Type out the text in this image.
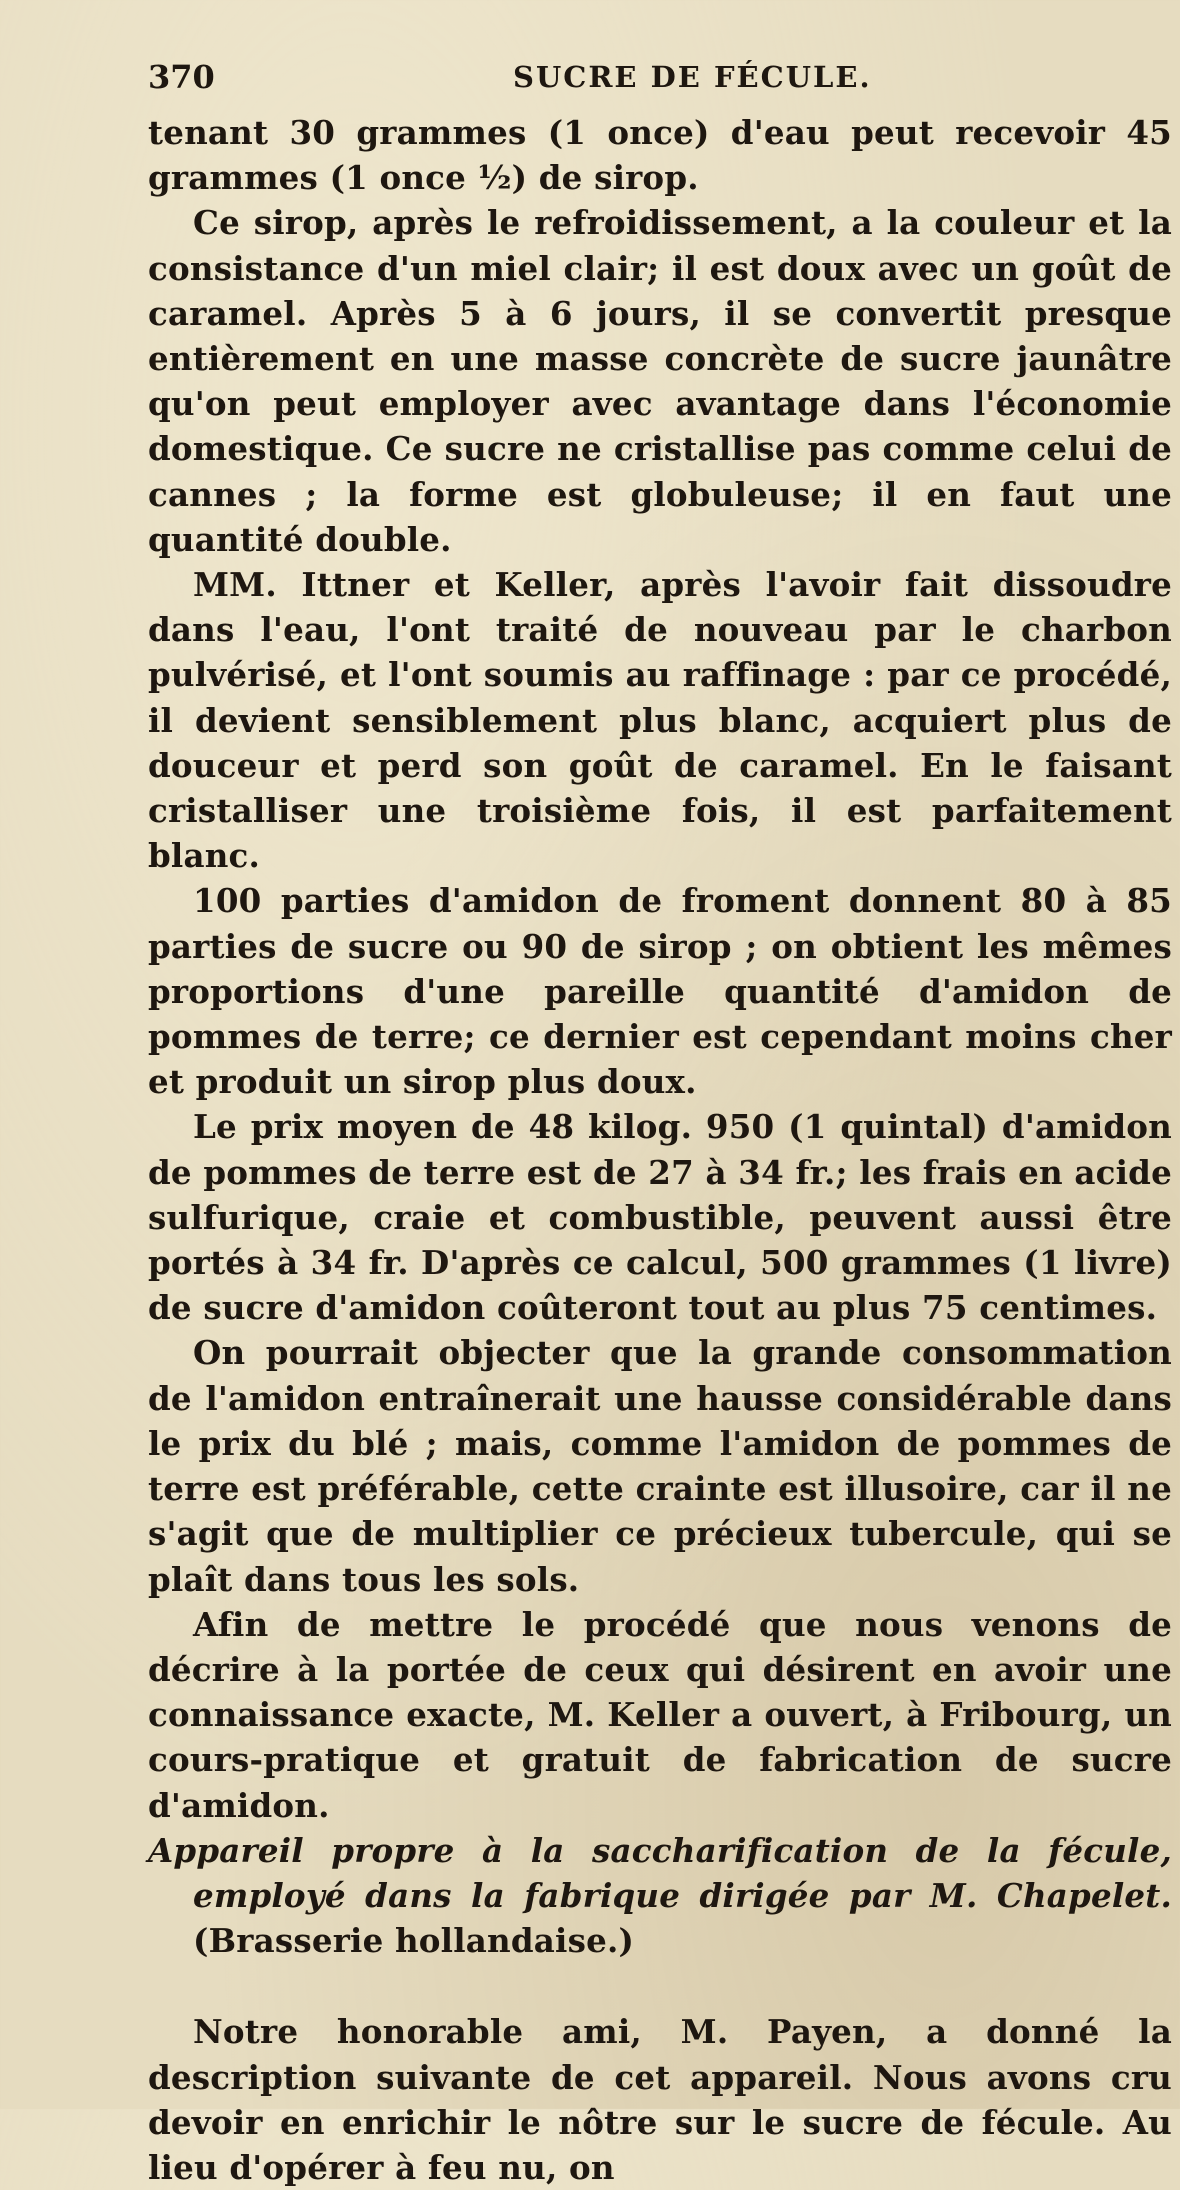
370	SUCRE DE FÉCULE.

tenant 30 grammes (1 once) d'eau peut recevoir 45 grammes (1 once ½) de sirop.

Ce sirop, après le refroidissement, a la couleur et la consistance d'un miel clair; il est doux avec un goût de caramel. Après 5 à 6 jours, il se convertit presque entièrement en une masse concrète de sucre jaunâtre qu'on peut employer avec avantage dans l'économie domestique. Ce sucre ne cristallise pas comme celui de cannes ; la forme est globuleuse; il en faut une quantité double.

MM. Ittner et Keller, après l'avoir fait dissoudre dans l'eau, l'ont traité de nouveau par le charbon pulvérisé, et l'ont soumis au raffinage : par ce procédé, il devient sensiblement plus blanc, acquiert plus de douceur et perd son goût de caramel. En le faisant cristalliser une troisième fois, il est parfaitement blanc.

100 parties d'amidon de froment donnent 80 à 85 parties de sucre ou 90 de sirop ; on obtient les mêmes proportions d'une pareille quantité d'amidon de pommes de terre; ce dernier est cependant moins cher et produit un sirop plus doux.

Le prix moyen de 48 kilog. 950 (1 quintal) d'amidon de pommes de terre est de 27 à 34 fr.; les frais en acide sulfurique, craie et combustible, peuvent aussi être portés à 34 fr. D'après ce calcul, 500 grammes (1 livre) de sucre d'amidon coûteront tout au plus 75 centimes.

On pourrait objecter que la grande consommation de l'amidon entraînerait une hausse considérable dans le prix du blé ; mais, comme l'amidon de pommes de terre est préférable, cette crainte est illusoire, car il ne s'agit que de multiplier ce précieux tubercule, qui se plaît dans tous les sols.

Afin de mettre le procédé que nous venons de décrire à la portée de ceux qui désirent en avoir une connaissance exacte, M. Keller a ouvert, à Fribourg, un cours-pratique et gratuit de fabrication de sucre d'amidon.

Appareil propre à la saccharification de la fécule, employé dans la fabrique dirigée par M. Chapelet. (Brasserie hollandaise.)

Notre honorable ami, M. Payen, a donné la description suivante de cet appareil. Nous avons cru devoir en enrichir le nôtre sur le sucre de fécule. Au lieu d'opérer à feu nu, on
